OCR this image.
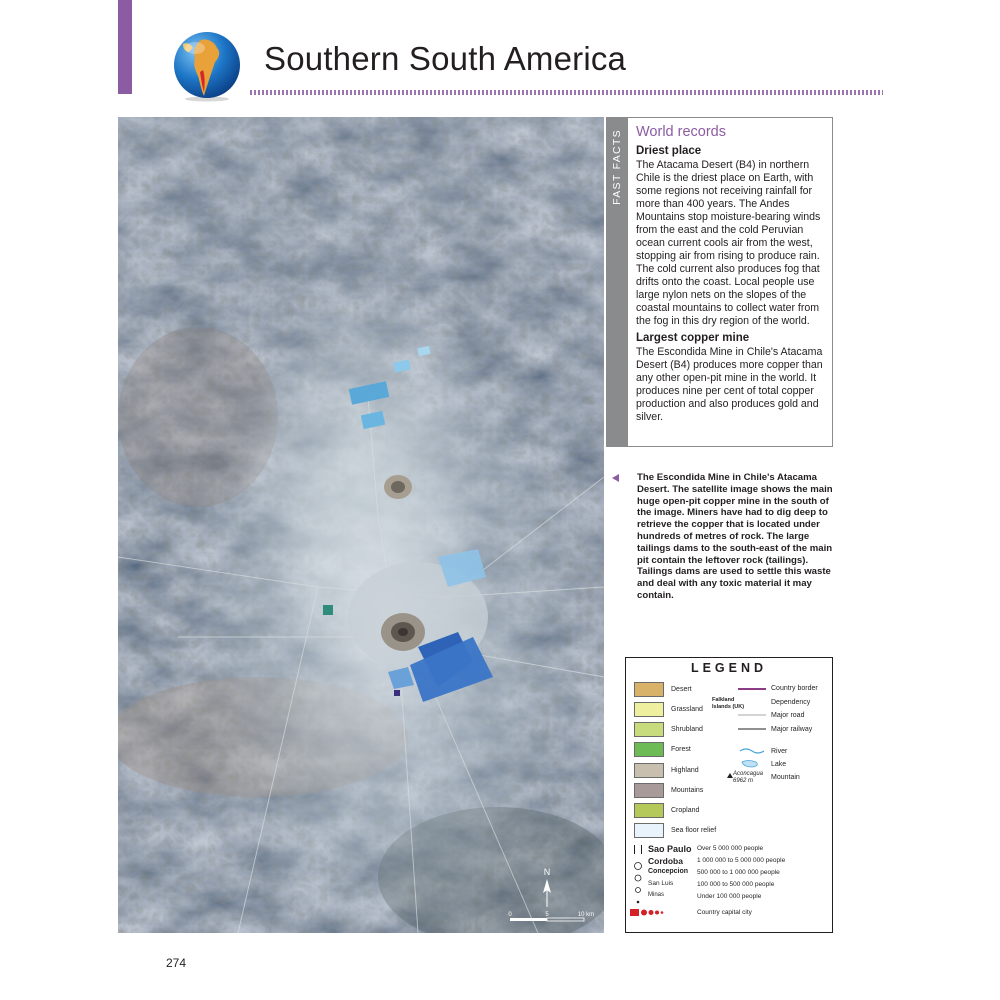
Southern South America
N
0	5	10 km
FAST FACTS World records
Driest place
The Atacama Desert (B4) in northern Chile is the driest place on Earth, with some regions not receiving rainfall for more than 400 years. The Andes Mountains stop moisture-bearing winds from the east and the cold Peruvian ocean current cools air from the west, stopping air from rising to produce rain. The cold current also produces fog that drifts onto the coast. Local people use large nylon nets on the slopes of the coastal mountains to collect water from the fog in this dry region of the world.
Largest copper mine
The Escondida Mine in Chile's Atacama Desert (B4) produces more copper than any other open-pit mine in the world. It produces nine per cent of total copper production and also produces gold and silver.
The Escondida Mine in Chile's Atacama Desert. The satellite image shows the main huge open-pit copper mine in the south of the image. Miners have had to dig deep to retrieve the copper that is located under hundreds of metres of rock. The large tailings dams to the south-east of the main pit contain the leftover rock (tailings). Tailings dams are used to settle this waste and deal with any toxic material it may contain.
LEGEND
Desert
Grassland
Shrubland
Forest
Highland
Mountains
Cropland
Sea floor relief
Country border
Falkland Islands (UK)
Dependency
Major road
Major railway
River
Lake
Aconcagua 6962 m	Mountain
Sao Paulo Over 5 000 000 people
Cordoba 1 000 000 to 5 000 000 people
Concepcion 500 000 to 1 000 000 people
San Luis	100 000 to 500 000 people
Minas	Under 100 000 people
Country capital city
274
